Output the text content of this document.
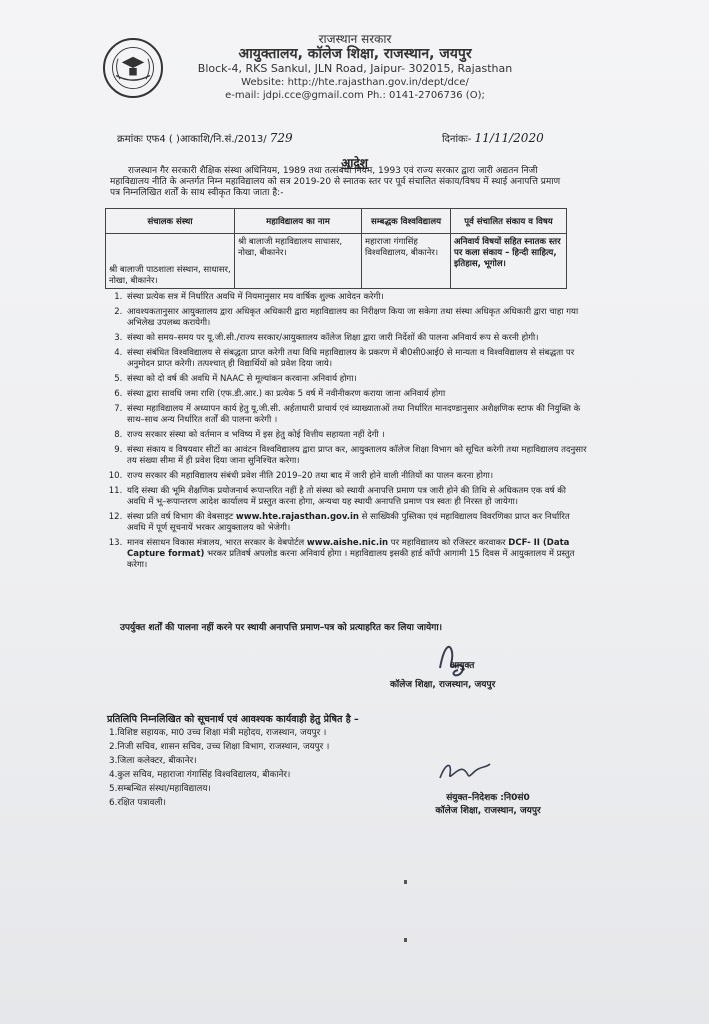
राजस्थान सरकार
आयुक्तालय, कॉलेज शिक्षा, राजस्थान, जयपुर
Block-4, RKS Sankul, JLN Road, Jaipur- 302015, Rajasthan
Website: http://hte.rajasthan.gov.in/dept/dce/
e-mail: jdpi.cce@gmail.com Ph.: 0141-2706736 (O);
क्रमांकः एफ4 ( )आकाशि/नि.सं./2013/ 729	दिनांकः- 11/11/2020
आदेश
राजस्थान गैर सरकारी शैक्षिक संस्था अधिनियम, 1989 तथा तत्संबंधी नियम, 1993 एवं राज्य सरकार द्वारा जारी अद्यतन निजी महाविद्यालय नीति के अन्तर्गत निम्न महाविद्यालय को सत्र 2019-20 से स्नातक स्तर पर पूर्व संचालित संकाय/विषय में स्थाई अनापत्ति प्रमाण पत्र निम्नलिखित शर्तों के साथ स्वीकृत किया जाता है:-
संचालक संस्था	महाविद्यालय का नाम	सम्बद्धक विश्वविद्यालय	पूर्व संचालित संकाय व विषय
श्री बालाजी पाठशाला संस्थान, साधासर, नोखा, बीकानेर।	श्री बालाजी महाविद्यालय साधासर, नोखा, बीकानेर।	महाराजा गंगासिंह विश्वविद्यालय, बीकानेर।	अनिवार्य विषयों सहित स्नातक स्तर पर कला संकाय – हिन्दी साहित्य, इतिहास, भूगोल।
1. संस्था प्रत्येक सत्र में निर्धारित अवधि में नियमानुसार मय वार्षिक शुल्क आवेदन करेगी।
2. आवश्यकतानुसार आयुक्तालय द्वारा अधिकृत अधिकारी द्वारा महाविद्यालय का निरीक्षण किया जा सकेगा तथा संस्था अधिकृत अधिकारी द्वारा चाहा गया अभिलेख उपलब्ध करायेगी।
3. संस्था को समय–समय पर यू.जी.सी./राज्य सरकार/आयुक्तालय कॉलेज शिक्षा द्वारा जारी निर्देशों की पालना अनिवार्य रूप से करनी होगी।
4. संस्था संबंधित विश्वविद्यालय से संबद्धता प्राप्त करेगी तथा विधि महाविद्यालय के प्रकरण में बी0सी0आई0 से मान्यता व विश्वविद्यालय से संबद्धता पर अनुमोदन प्राप्त करेगी। तत्पश्चात् ही विद्यार्थियों को प्रवेश दिया जाये।
5. संस्था को दो वर्ष की अवधि में NAAC से मूल्यांकन करवाना अनिवार्य होगा।
6. संस्था द्वारा सावधि जमा राशि (एफ.डी.आर.) का प्रत्येक 5 वर्ष में नवीनीकरण कराया जाना अनिवार्य होगा
7. संस्था महाविद्यालय में अध्यापन कार्य हेतु यू.जी.सी. अर्हताधारी प्राचार्य एवं व्याख्याताओं तथा निर्धारित मानदण्डानुसार अशैक्षणिक स्टाफ की नियुक्ति के साथ–साथ अन्य निर्धारित शर्तों की पालना करेगी ।
8. राज्य सरकार संस्था को वर्तमान व भविष्य में इस हेतु कोई वित्तीय सहायता नहीं देगी ।
9. संस्था संकाय व विषयवार सीटों का आवंटन विश्वविद्यालय द्वारा प्राप्त कर, आयुक्तालय कॉलेज शिक्षा विभाग को सूचित करेगी तथा महाविद्यालय तदनुसार तय संख्या सीमा में ही प्रवेश दिया जाना सुनिश्चित करेगा।
10. राज्य सरकार की महाविद्यालय संबंधी प्रवेश नीति 2019–20 तथा बाद में जारी होने वाली नीतियों का पालन करना होगा।
11. यदि संस्था की भूमि शैक्षणिक प्रयोजनार्थ रूपान्तरित नहीं है तो संस्था को स्थायी अनापत्ति प्रमाण पत्र जारी होने की तिथि से अधिकतम एक वर्ष की अवधि में भू–रूपान्तरण आदेश कार्यालय में प्रस्तुत करना होगा, अन्यथा यह स्थायी अनापत्ति प्रमाण पत्र स्वतः ही निरस्त हो जायेगा।
12. संस्था प्रति वर्ष विभाग की वेबसाइट www.hte.rajasthan.gov.in से साख्यिकी पुस्तिका एवं महाविद्यालय विवरणिका प्राप्त कर निर्धारित अवधि में पूर्ण सूचनायें भरकर आयुक्तालय को भेजेगी।
13. मानव संसाधन विकास मंत्रालय, भारत सरकार के वेबपोर्टल www.aishe.nic.in पर महाविद्यालय को रजिस्टर करवाकर DCF- II (Data Capture format) भरकर प्रतिवर्ष अपलोड करना अनिवार्य होगा । महाविद्यालय इसकी हार्ड कॉपी आगामी 15 दिवस में आयुक्तालय में प्रस्तुत करेगा।
उपर्युक्त शर्तों की पालना नहीं करने पर स्थायी अनापत्ति प्रमाण–पत्र को प्रत्याहरित कर लिया जायेगा।
आयुक्त
कॉलेज शिक्षा, राजस्थान, जयपुर
प्रतिलिपि निम्नलिखित को सूचनार्थ एवं आवश्यक कार्यवाही हेतु प्रेषित है –
1.विशिष्ट सहायक, मा0 उच्च शिक्षा मंत्री महोदय, राजस्थान, जयपुर ।
2.निजी सचिव, शासन सचिव, उच्च शिक्षा विभाग, राजस्थान, जयपुर ।
3.जिला कलेक्टर, बीकानेर।
4.कुल सचिव, महाराजा गंगासिंह विश्वविद्यालय, बीकानेर।
5.सम्बन्धित संस्था/महाविद्यालय।
6.रक्षित पत्रावली।	संयुक्त–निदेशक :नि0सं0
कॉलेज शिक्षा, राजस्थान, जयपुर
